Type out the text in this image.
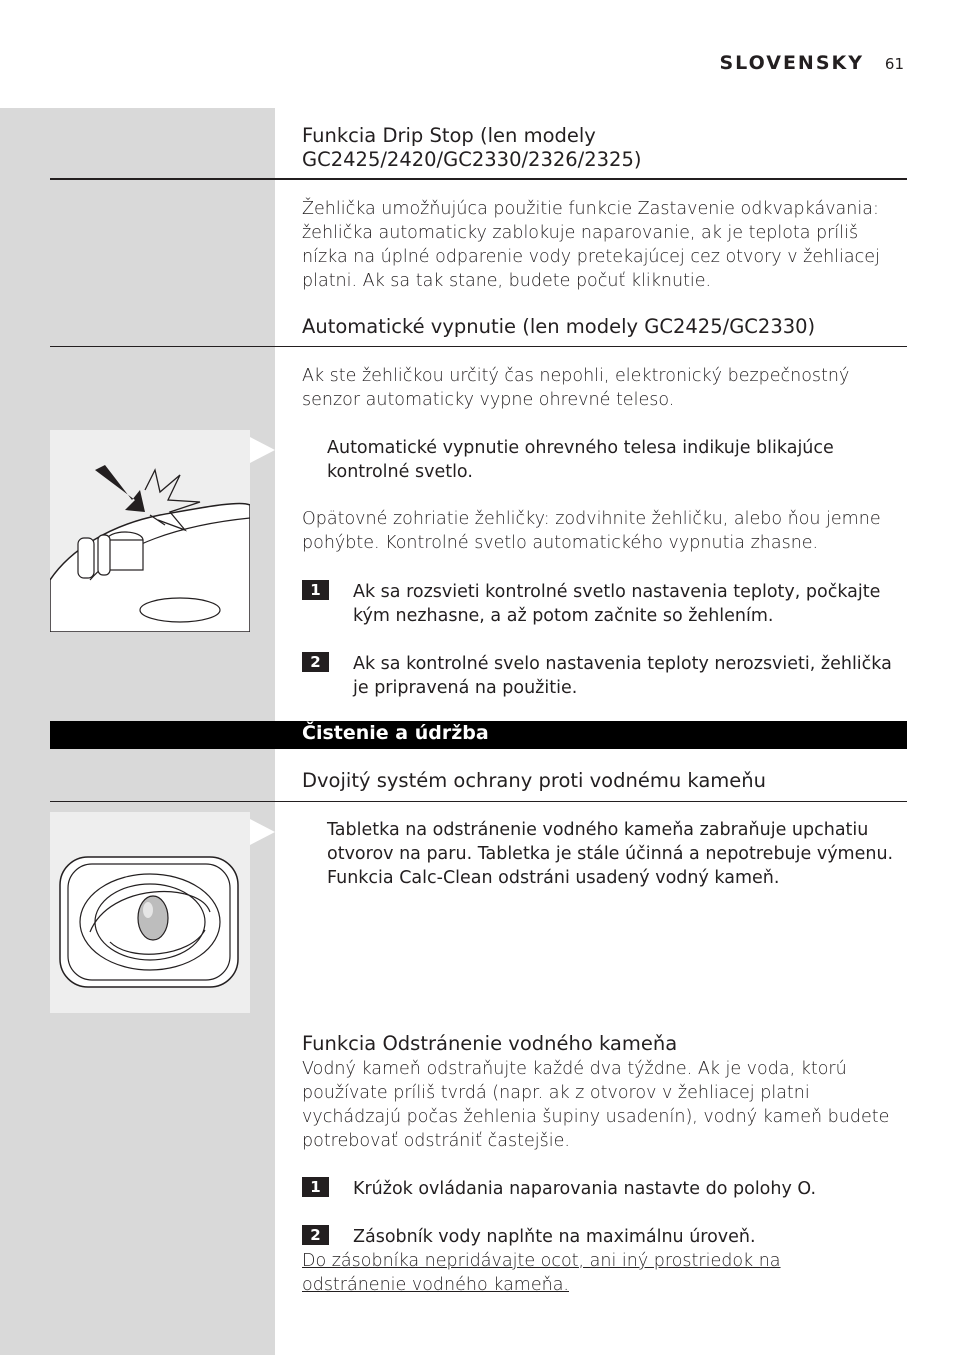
SLOVENSKY 61
Funkcia Drip Stop (len modely
GC2425/2420/GC2330/2326/2325)
Žehlička umožňujúca použitie funkcie Zastavenie odkvapkávania: žehlička automaticky zablokuje naparovanie, ak je teplota príliš nízka na úplné odparenie vody pretekajúcej cez otvory v žehliacej platni. Ak sa tak stane, budete počuť kliknutie.
Automatické vypnutie (len modely GC2425/GC2330)
Ak ste žehličkou určitý čas nepohli, elektronický bezpečnostný senzor automaticky vypne ohrevné teleso.
Automatické vypnutie ohrevného telesa indikuje blikajúce kontrolné svetlo.
Opätovné zohriatie žehličky: zodvihnite žehličku, alebo ňou jemne pohýbte. Kontrolné svetlo automatického vypnutia zhasne.
1	Ak sa rozsvieti kontrolné svetlo nastavenia teploty, počkajte kým nezhasne, a až potom začnite so žehlením.
2	Ak sa kontrolné svelo nastavenia teploty nerozsvieti, žehlička je pripravená na použitie.
Čistenie a údržba
Dvojitý systém ochrany proti vodnému kameňu
Tabletka na odstránenie vodného kameňa zabraňuje upchatiu otvorov na paru. Tabletka je stále účinná a nepotrebuje výmenu. Funkcia Calc-Clean odstráni usadený vodný kameň.
Funkcia Odstránenie vodného kameňa
Vodný kameň odstraňujte každé dva týždne. Ak je voda, ktorú používate príliš tvrdá (napr. ak z otvorov v žehliacej platni vychádzajú počas žehlenia šupiny usadenín), vodný kameň budete potrebovať odstrániť častejšie.
1	Krúžok ovládania naparovania nastavte do polohy O.
2	Zásobník vody naplňte na maximálnu úroveň.
Do zásobníka nepridávajte ocot, ani iný prostriedok na odstránenie vodného kameňa.
